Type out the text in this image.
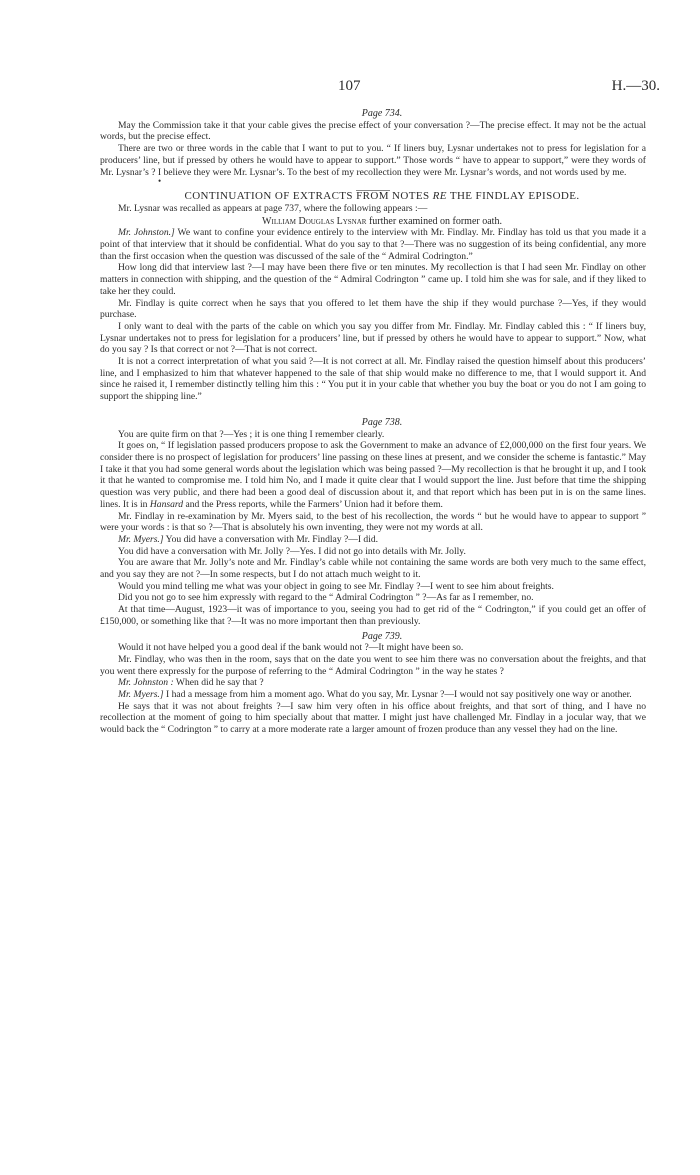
107	H.—30.

Page 734.

May the Commission take it that your cable gives the precise effect of your conversation ?—The precise effect. It may not be the actual words, but the precise effect.

There are two or three words in the cable that I want to put to you. “ If liners buy, Lysnar undertakes not to press for legislation for a producers’ line, but if pressed by others he would have to appear to support.” Those words “ have to appear to support,” were they words of Mr. Lysnar’s ? I believe they were Mr. Lysnar’s. To the best of my recollection they were Mr. Lysnar’s words, and not words used by me.

•

CONTINUATION OF EXTRACTS FROM NOTES RE THE FINDLAY EPISODE.

Mr. Lysnar was recalled as appears at page 737, where the following appears :—

William Douglas Lysnar further examined on former oath.

Mr. Johnston.] We want to confine your evidence entirely to the interview with Mr. Findlay. Mr. Findlay has told us that you made it a point of that interview that it should be confidential. What do you say to that ?—There was no suggestion of its being confidential, any more than the first occasion when the question was discussed of the sale of the “ Admiral Codrington.”

How long did that interview last ?—I may have been there five or ten minutes. My recollection is that I had seen Mr. Findlay on other matters in connection with shipping, and the question of the “ Admiral Codrington ” came up. I told him she was for sale, and if they liked to take her they could.

Mr. Findlay is quite correct when he says that you offered to let them have the ship if they would purchase ?—Yes, if they would purchase.

I only want to deal with the parts of the cable on which you say you differ from Mr. Findlay. Mr. Findlay cabled this : “ If liners buy, Lysnar undertakes not to press for legislation for a producers’ line, but if pressed by others he would have to appear to support.” Now, what do you say ? Is that correct or not ?—That is not correct.

It is not a correct interpretation of what you said ?—It is not correct at all. Mr. Findlay raised the question himself about this producers’ line, and I emphasized to him that whatever happened to the sale of that ship would make no difference to me, that I would support it. And since he raised it, I remember distinctly telling him this : “ You put it in your cable that whether you buy the boat or you do not I am going to support the shipping line.”

Page 738.

You are quite firm on that ?—Yes ; it is one thing I remember clearly.

It goes on, “ If legislation passed producers propose to ask the Government to make an advance of £2,000,000 on the first four years. We consider there is no prospect of legislation for producers’ line passing on these lines at present, and we consider the scheme is fantastic.” May I take it that you had some general words about the legislation which was being passed ?—My recollection is that he brought it up, and I took it that he wanted to compromise me. I told him No, and I made it quite clear that I would support the line. Just before that time the shipping question was very public, and there had been a good deal of discussion about it, and that report which has been put in is on the same lines. lines. It is in Hansard and the Press reports, while the Farmers’ Union had it before them.

Mr. Findlay in re-examination by Mr. Myers said, to the best of his recollection, the words “ but he would have to appear to support ” were your words : is that so ?—That is absolutely his own inventing, they were not my words at all.

Mr. Myers.] You did have a conversation with Mr. Findlay ?—I did.

You did have a conversation with Mr. Jolly ?—Yes. I did not go into details with Mr. Jolly.

You are aware that Mr. Jolly’s note and Mr. Findlay’s cable while not containing the same words are both very much to the same effect, and you say they are not ?—In some respects, but I do not attach much weight to it.

Would you mind telling me what was your object in going to see Mr. Findlay ?—I went to see him about freights.

Did you not go to see him expressly with regard to the “ Admiral Codrington ” ?—As far as I remember, no.

At that time—August, 1923—it was of importance to you, seeing you had to get rid of the “ Codrington,” if you could get an offer of £150,000, or something like that ?—It was no more important then than previously.

Page 739.

Would it not have helped you a good deal if the bank would not ?—It might have been so.

Mr. Findlay, who was then in the room, says that on the date you went to see him there was no conversation about the freights, and that you went there expressly for the purpose of referring to the “ Admiral Codrington ” in the way he states ?

Mr. Johnston : When did he say that ?

Mr. Myers.] I had a message from him a moment ago. What do you say, Mr. Lysnar ?—I would not say positively one way or another.

He says that it was not about freights ?—I saw him very often in his office about freights, and that sort of thing, and I have no recollection at the moment of going to him specially about that matter. I might just have challenged Mr. Findlay in a jocular way, that we would back the “ Codrington ” to carry at a more moderate rate a larger amount of frozen produce than any vessel they had on the line.
